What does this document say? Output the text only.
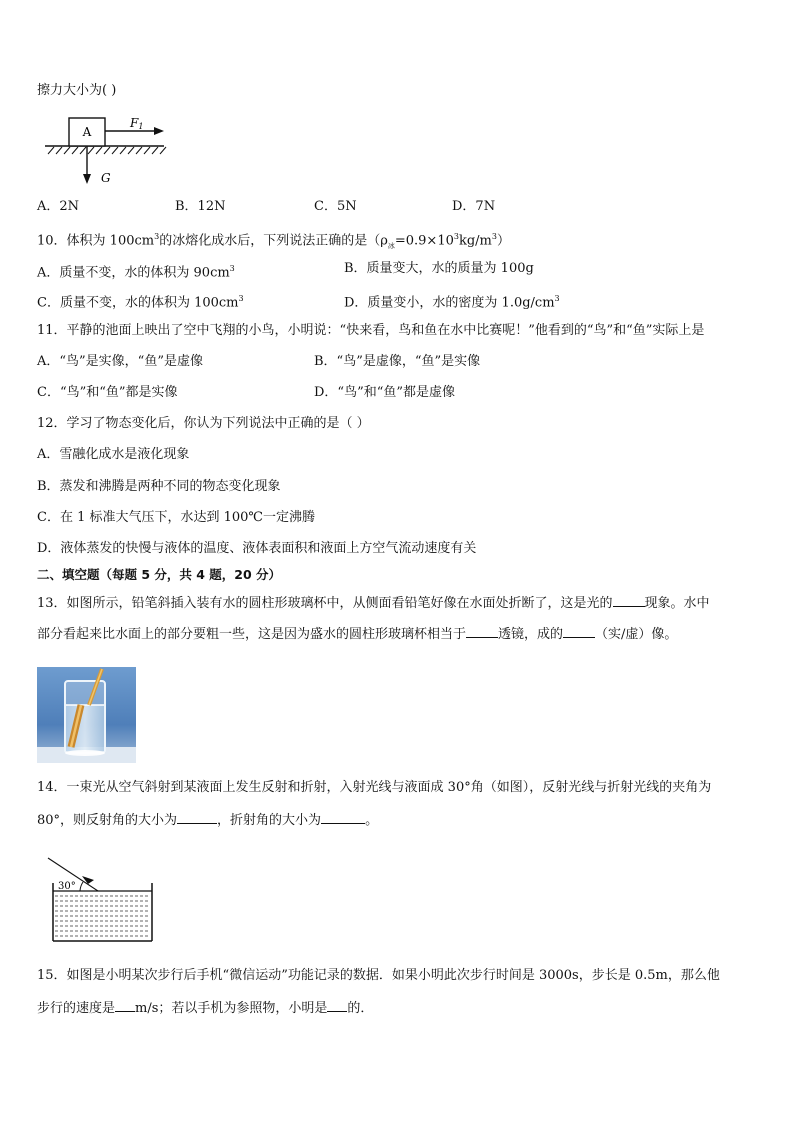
擦力大小为( )
A
F1
G
A．2N	B．12N	C．5N	D．7N
10．体积为 $100cm^3$的冰熔化成水后，下列说法正确的是$(\rho_冰=0.9\times 10^3kg/m^3)$
A．质量不变，水的体积为 $90cm^3$	B．质量变大，水的质量为 100g
C．质量不变，水的体积为 $100cm^3$	D．质量变小，水的密度为 $1.0g/cm^3$
11．平静的池面上映出了空中飞翔的小鸟，小明说：“快来看，鸟和鱼在水中比赛呢！”他看到的“鸟”和“鱼”实际上是
A．“鸟”是实像，“鱼”是虚像	B．“鸟”是虚像，“鱼”是实像
C．“鸟”和“鱼”都是实像	D．“鸟”和“鱼”都是虚像
12．学习了物态变化后，你认为下列说法中正确的是（ ）
A．雪融化成水是液化现象
B．蒸发和沸腾是两种不同的物态变化现象
C．在 1 标准大气压下，水达到 100℃一定沸腾
D．液体蒸发的快慢与液体的温度、液体表面积和液面上方空气流动速度有关
二、填空题（每题 5 分，共 4 题，20 分）
13．如图所示，铅笔斜插入装有水的圆柱形玻璃杯中，从侧面看铅笔好像在水面处折断了，这是光的 现象。水中
部分看起来比水面上的部分要粗一些，这是因为盛水的圆柱形玻璃杯相当于 透镜，成的 （实/虚）像。
14．一束光从空气斜射到某液面上发生反射和折射，入射光线与液面成 30°角（如图），反射光线与折射光线的夹角为
80°，则反射角的大小为	，折射角的大小为	。
30°
15．如图是小明某次步行后手机“微信运动”功能记录的数据．如果小明此次步行时间是 3000s，步长是 0.5m，那么他
步行的速度是 m/s；若以手机为参照物，小明是 的．
